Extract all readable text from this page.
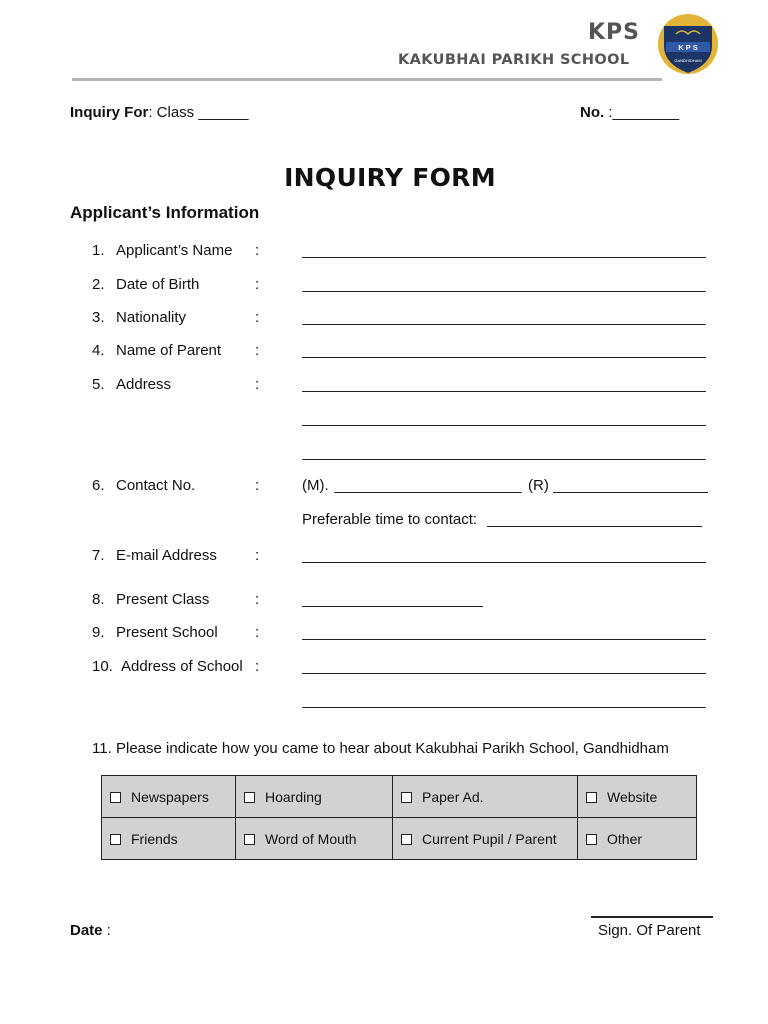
KPS
KAKUBHAI PARIKH SCHOOL
K P S
GANDHIDHAM
Inquiry For: Class ______	No. :________
INQUIRY FORM
Applicant’s Information
1. Applicant’s Name :
2. Date of Birth	:
3. Nationality	:
4. Name of Parent :
5. Address	:
6. Contact No.	:	(M).	(R)
Preferable time to contact:
7. E-mail Address	:
8. Present Class	:
9. Present School :
10. Address of School :
11. Please indicate how you came to hear about Kakubhai Parikh School, Gandhidham
Newspapers	Hoarding	Paper Ad.	Website
Friends	Word of Mouth	Current Pupil / Parent	Other
Date :	Sign. Of Parent
